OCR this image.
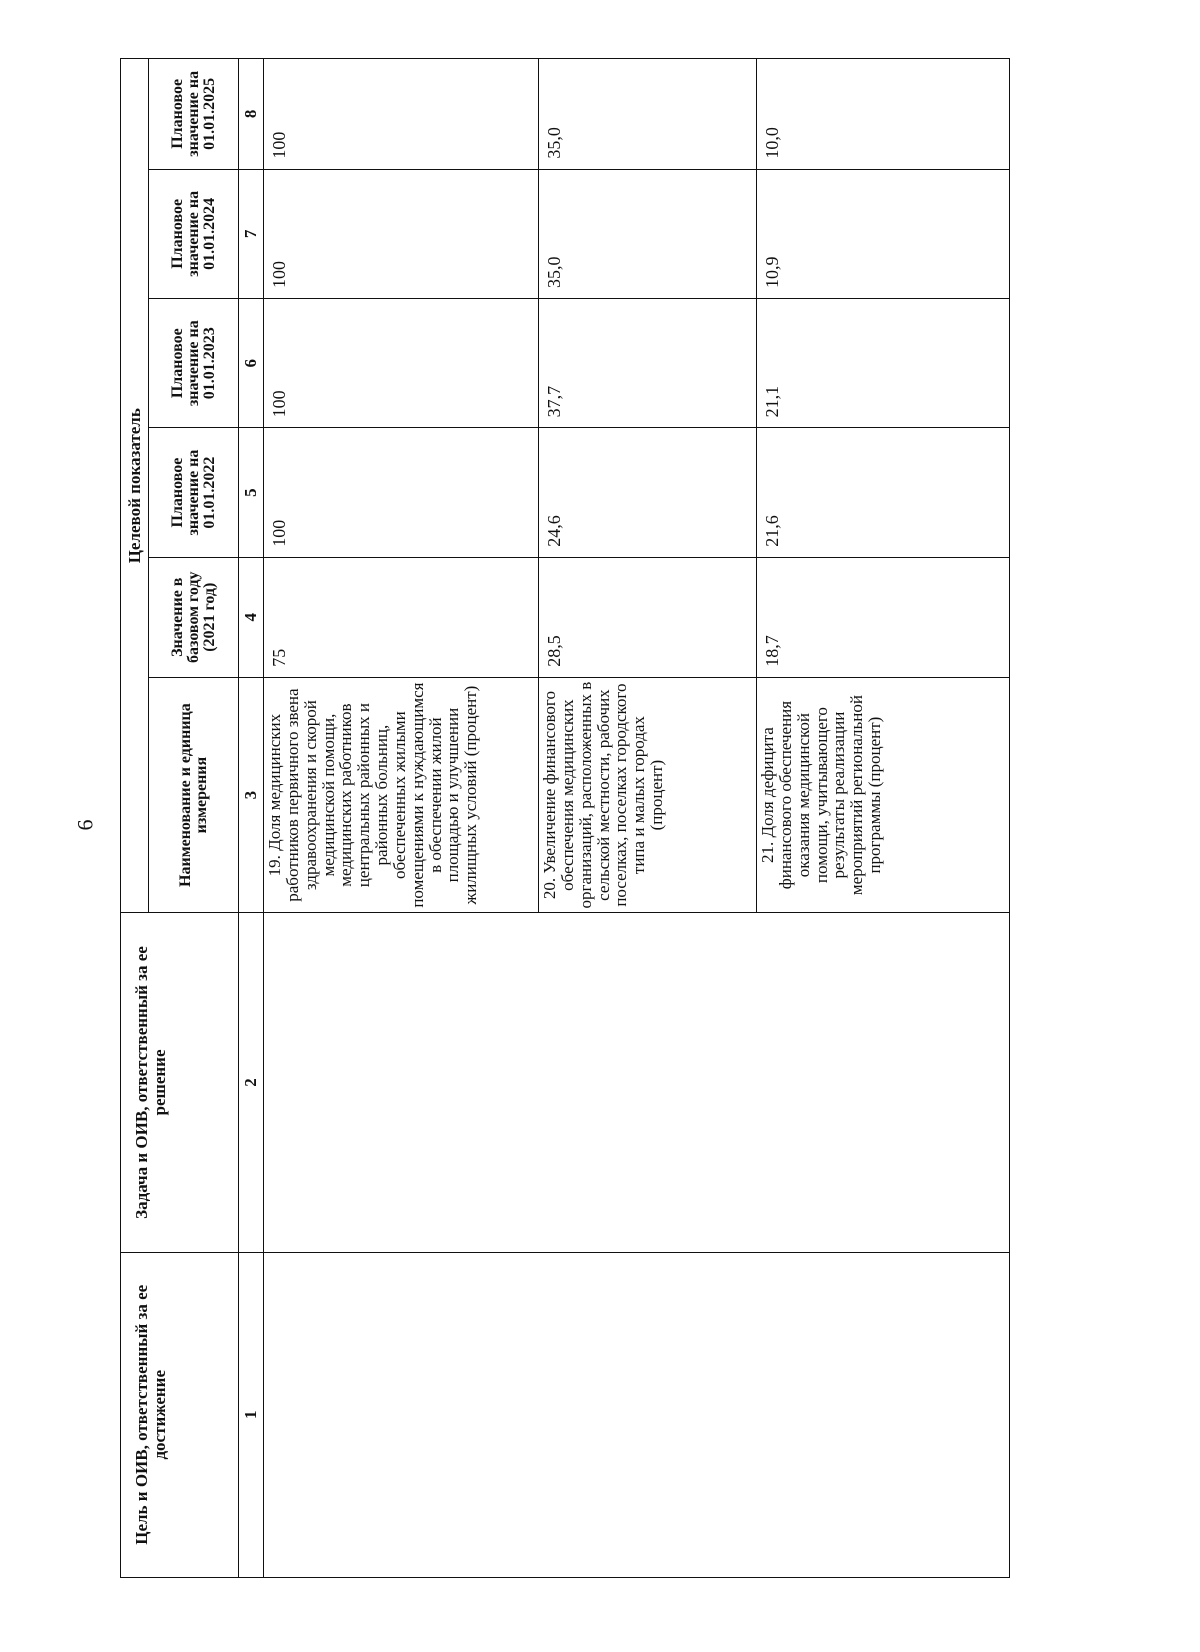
6
Цель и ОИВ, ответственный за ее достижение	Задача и ОИВ, ответственный за ее решение	Целевой показатель					
		Наименование и единица измерения	Значение в базовом году (2021 год)	Плановое значение на 01.01.2022	Плановое значение на 01.01.2023	Плановое значение на 01.01.2024	Плановое значение на 01.01.2025
1	2	3	4	5	6	7	8
		19. Доля медицинских работников первичного звена здравоохранения и скорой медицинской помощи, медицинских работников центральных районных и районных больниц, обеспеченных жилыми помещениями к нуждающимся в обеспечении жилой площадью и улучшении жилищных условий (процент)	75	100	100	100	100
		20. Увеличение финансового обеспечения медицинских организаций, расположенных в сельской местности, рабочих поселках, поселках городского типа и малых городах (процент)	28,5	24,6	37,7	35,0	35,0
		21. Доля дефицита финансового обеспечения оказания медицинской помощи, учитывающего результаты реализации мероприятий региональной программы (процент)	18,7	21,6	21,1	10,9	10,0
